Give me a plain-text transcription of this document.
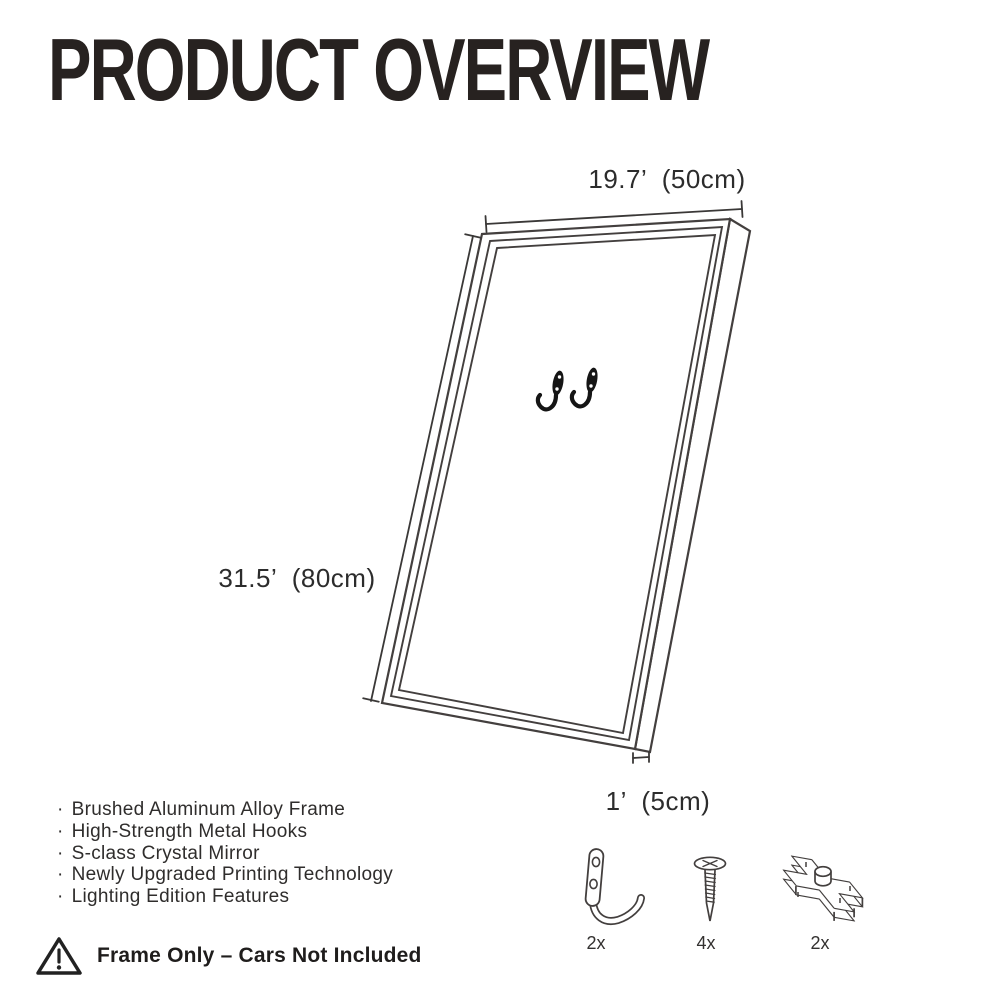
PRODUCT OVERVIEW
19.7’  (50cm)
31.5’  (80cm)
1’  (5cm)
· Brushed Aluminum Alloy Frame
· High-Strength Metal Hooks
· S-class Crystal Mirror
· Newly Upgraded Printing Technology
· Lighting Edition Features
Frame Only – Cars Not Included
2x	4x	2x
